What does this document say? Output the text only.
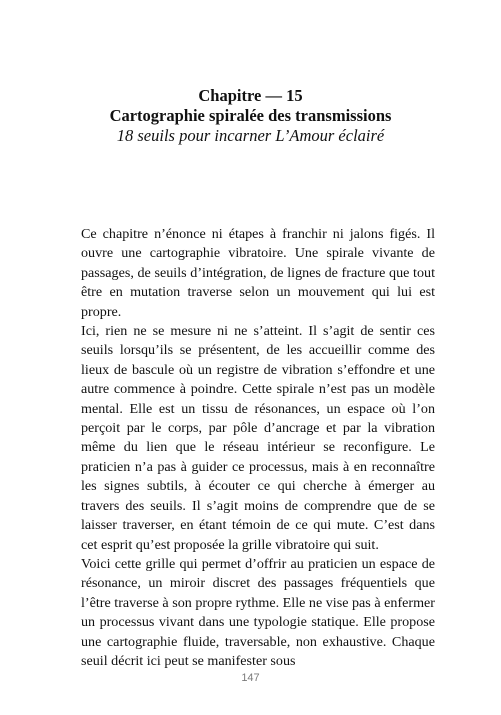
Chapitre — 15
Cartographie spiralée des transmissions
18 seuils pour incarner L’Amour éclairé

Ce chapitre n’énonce ni étapes à franchir ni jalons figés. Il ouvre une cartographie vibratoire. Une spirale vivante de passages, de seuils d’intégration, de lignes de fracture que tout être en mutation traverse selon un mouvement qui lui est propre.

Ici, rien ne se mesure ni ne s’atteint. Il s’agit de sentir ces seuils lorsqu’ils se présentent, de les accueillir comme des lieux de bascule où un registre de vibration s’effondre et une autre commence à poindre. Cette spirale n’est pas un modèle mental. Elle est un tissu de résonances, un espace où l’on perçoit par le corps, par pôle d’ancrage et par la vibration même du lien que le réseau intérieur se reconfigure. Le praticien n’a pas à guider ce processus, mais à en reconnaître les signes subtils, à écouter ce qui cherche à émerger au travers des seuils. Il s’agit moins de comprendre que de se laisser traverser, en étant témoin de ce qui mute. C’est dans cet esprit qu’est proposée la grille vibratoire qui suit.

Voici cette grille qui permet d’offrir au praticien un espace de résonance, un miroir discret des passages fréquentiels que l’être traverse à son propre rythme. Elle ne vise pas à enfermer un processus vivant dans une typologie statique. Elle propose une cartographie fluide, traversable, non exhaustive. Chaque seuil décrit ici peut se manifester sous

147
